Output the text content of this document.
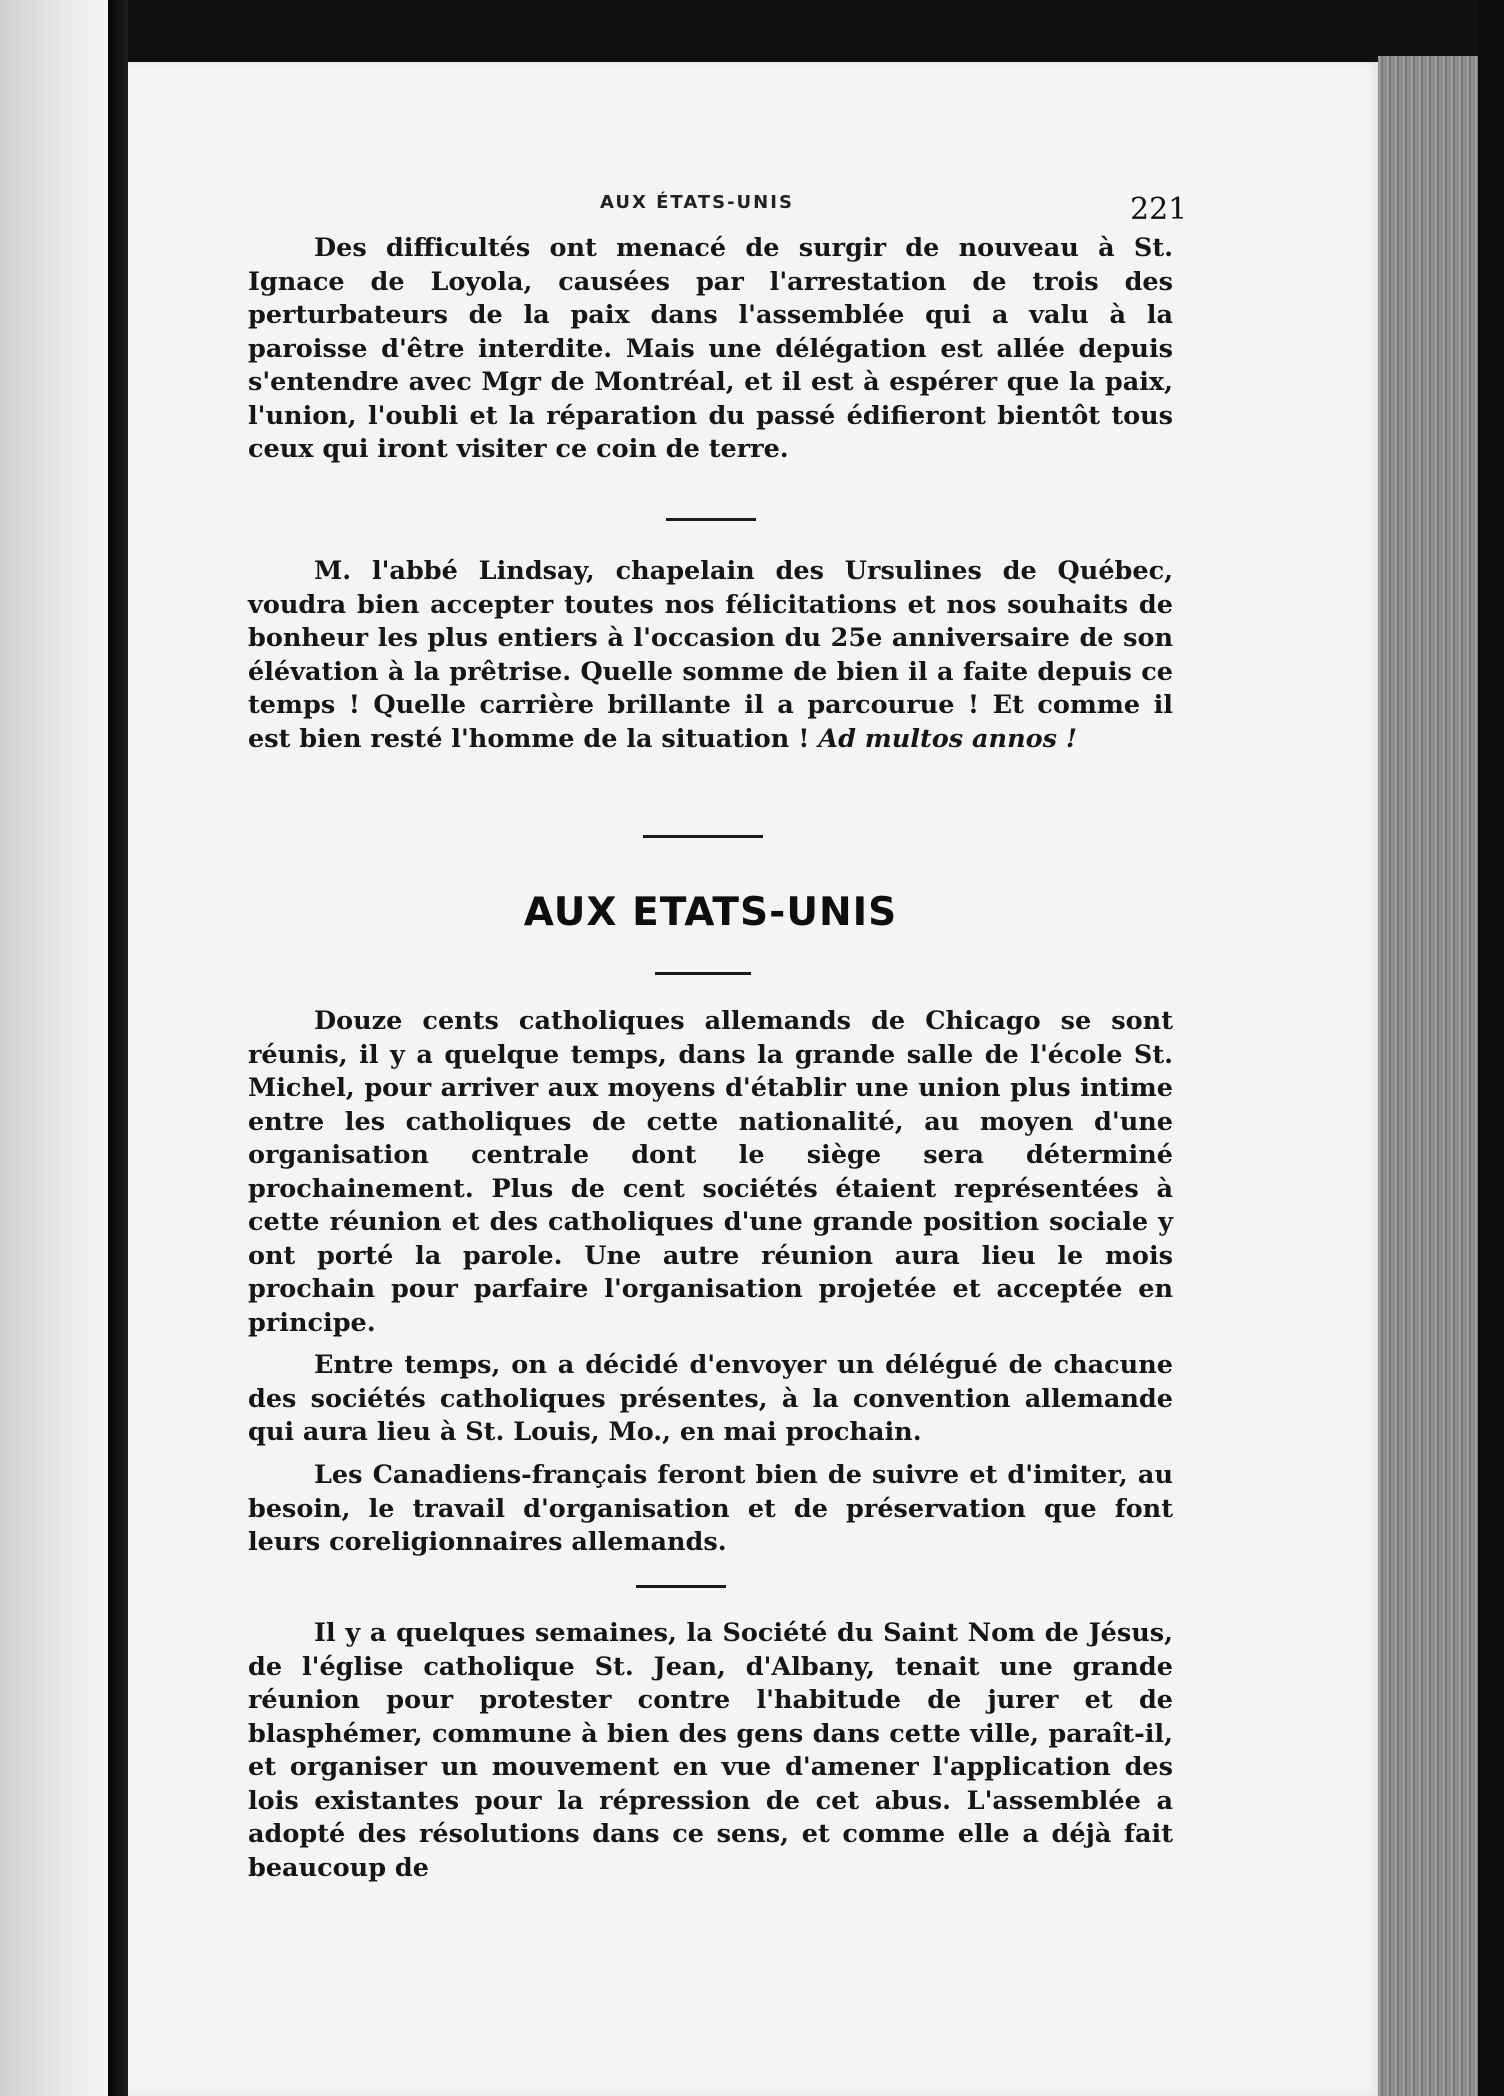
AUX ÉTATS-UNIS	221

Des difficultés ont menacé de surgir de nouveau à St. Ignace de Loyola, causées par l'arrestation de trois des perturbateurs de la paix dans l'assemblée qui a valu à la paroisse d'être interdite. Mais une délégation est allée depuis s'entendre avec Mgr de Montréal, et il est à espérer que la paix, l'union, l'oubli et la réparation du passé édifieront bientôt tous ceux qui iront visiter ce coin de terre.

M. l'abbé Lindsay, chapelain des Ursulines de Québec, voudra bien accepter toutes nos félicitations et nos souhaits de bonheur les plus entiers à l'occasion du 25e anniversaire de son élévation à la prêtrise. Quelle somme de bien il a faite depuis ce temps ! Quelle carrière brillante il a parcourue ! Et comme il est bien resté l'homme de la situation ! Ad multos annos !

AUX ETATS-UNIS

Douze cents catholiques allemands de Chicago se sont réunis, il y a quelque temps, dans la grande salle de l'école St. Michel, pour arriver aux moyens d'établir une union plus intime entre les catholiques de cette nationalité, au moyen d'une organisation centrale dont le siège sera déterminé prochainement. Plus de cent sociétés étaient représentées à cette réunion et des catholiques d'une grande position sociale y ont porté la parole. Une autre réunion aura lieu le mois prochain pour parfaire l'organisation projetée et acceptée en principe.

Entre temps, on a décidé d'envoyer un délégué de chacune des sociétés catholiques présentes, à la convention allemande qui aura lieu à St. Louis, Mo., en mai prochain.

Les Canadiens-français feront bien de suivre et d'imiter, au besoin, le travail d'organisation et de préservation que font leurs coreligionnaires allemands.

Il y a quelques semaines, la Société du Saint Nom de Jésus, de l'église catholique St. Jean, d'Albany, tenait une grande réunion pour protester contre l'habitude de jurer et de blasphémer, commune à bien des gens dans cette ville, paraît-il, et organiser un mouvement en vue d'amener l'application des lois existantes pour la répression de cet abus. L'assemblée a adopté des résolutions dans ce sens, et comme elle a déjà fait beaucoup de
